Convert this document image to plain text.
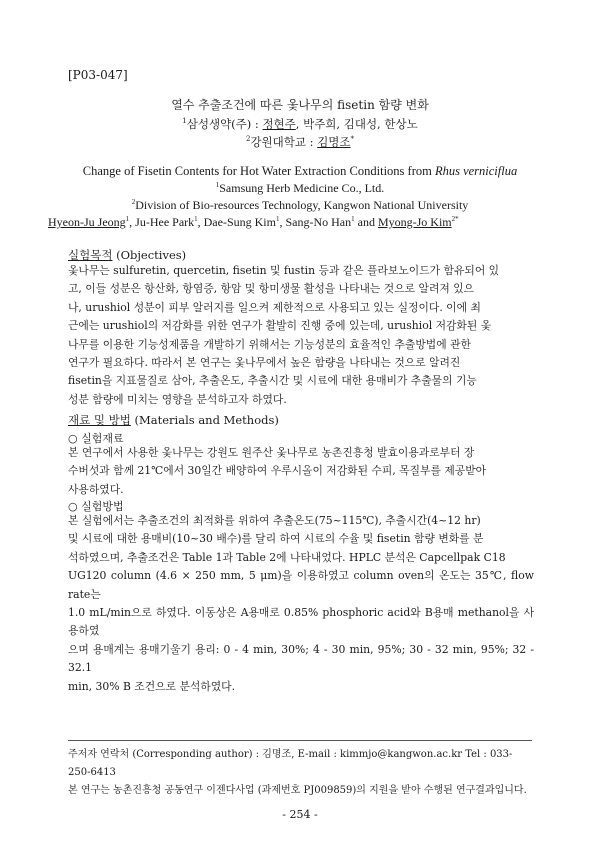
[P03-047]
열수 추출조건에 따른 옻나무의 fisetin 함량 변화
$^1$삼성생약(주) : 정현주, 박주희, 김대성, 한상노
$^2$강원대학교 : 김명조*
Change of Fisetin Contents for Hot Water Extraction Conditions from Rhus verniciflua
$^1$Samsung Herb Medicine Co., Ltd.
$^2$Division of Bio-resources Technology, Kangwon National University
Hyeon-Ju Jeong$^1$, Ju-Hee Park$^1$, Dae-Sung Kim$^1$, Sang-No Han$^1$ and Myong-Jo Kim$^{2*}$
실험목적 (Objectives)
옻나무는 sulfuretin, quercetin, fisetin 및 fustin 등과 같은 플라보노이드가 함유되어 있
고, 이들 성분은 항산화, 항염증, 항암 및 항미생물 활성을 나타내는 것으로 알려져 있으
나, urushiol 성분이 피부 알러지를 일으켜 제한적으로 사용되고 있는 실정이다. 이에 최
근에는 urushiol의 저감화를 위한 연구가 활발히 진행 중에 있는데, urushiol 저감화된 옻
나무를 이용한 기능성제품을 개발하기 위해서는 기능성분의 효율적인 추출방법에 관한
연구가 필요하다. 따라서 본 연구는 옻나무에서 높은 함량을 나타내는 것으로 알려진
fisetin을 지표물질로 삼아, 추출온도, 추출시간 및 시료에 대한 용매비가 추출물의 기능
성분 함량에 미치는 영향을 분석하고자 하였다.
재료 및 방법 (Materials and Methods)
○ 실험재료
본 연구에서 사용한 옻나무는 강원도 원주산 옻나무로 농촌진흥청 발효이용과로부터 장
수버섯과 함께 21℃에서 30일간 배양하여 우루시올이 저감화된 수피, 목질부를 제공받아
사용하였다.
○ 실험방법
본 실험에서는 추출조건의 최적화를 위하여 추출온도(75~115℃), 추출시간(4~12 hr)
및 시료에 대한 용매비(10~30 배수)를 달리 하여 시료의 수율 및 fisetin 함량 변화를 분
석하였으며, 추출조건은 Table 1과 Table 2에 나타내었다. HPLC 분석은 Capcellpak C18
UG120 column (4.6 × 250 mm, 5 μm)을 이용하였고 column oven의 온도는 35℃, flow rate는
1.0 mL/min으로 하였다. 이동상은 A용매로 0.85% phosphoric acid와 B용매 methanol을 사용하였
으며 용매계는 용매기울기 용리: 0 - 4 min, 30%; 4 - 30 min, 95%; 30 - 32 min, 95%; 32 - 32.1
min, 30% B 조건으로 분석하였다.
주저자 연락처 (Corresponding author) : 김명조, E-mail : kimmjo@kangwon.ac.kr Tel : 033-250-6413
본 연구는 농촌진흥청 공동연구 이젠다사업 (과제번호 PJ009859)의 지원을 받아 수행된 연구결과입니다.
- 254 -
